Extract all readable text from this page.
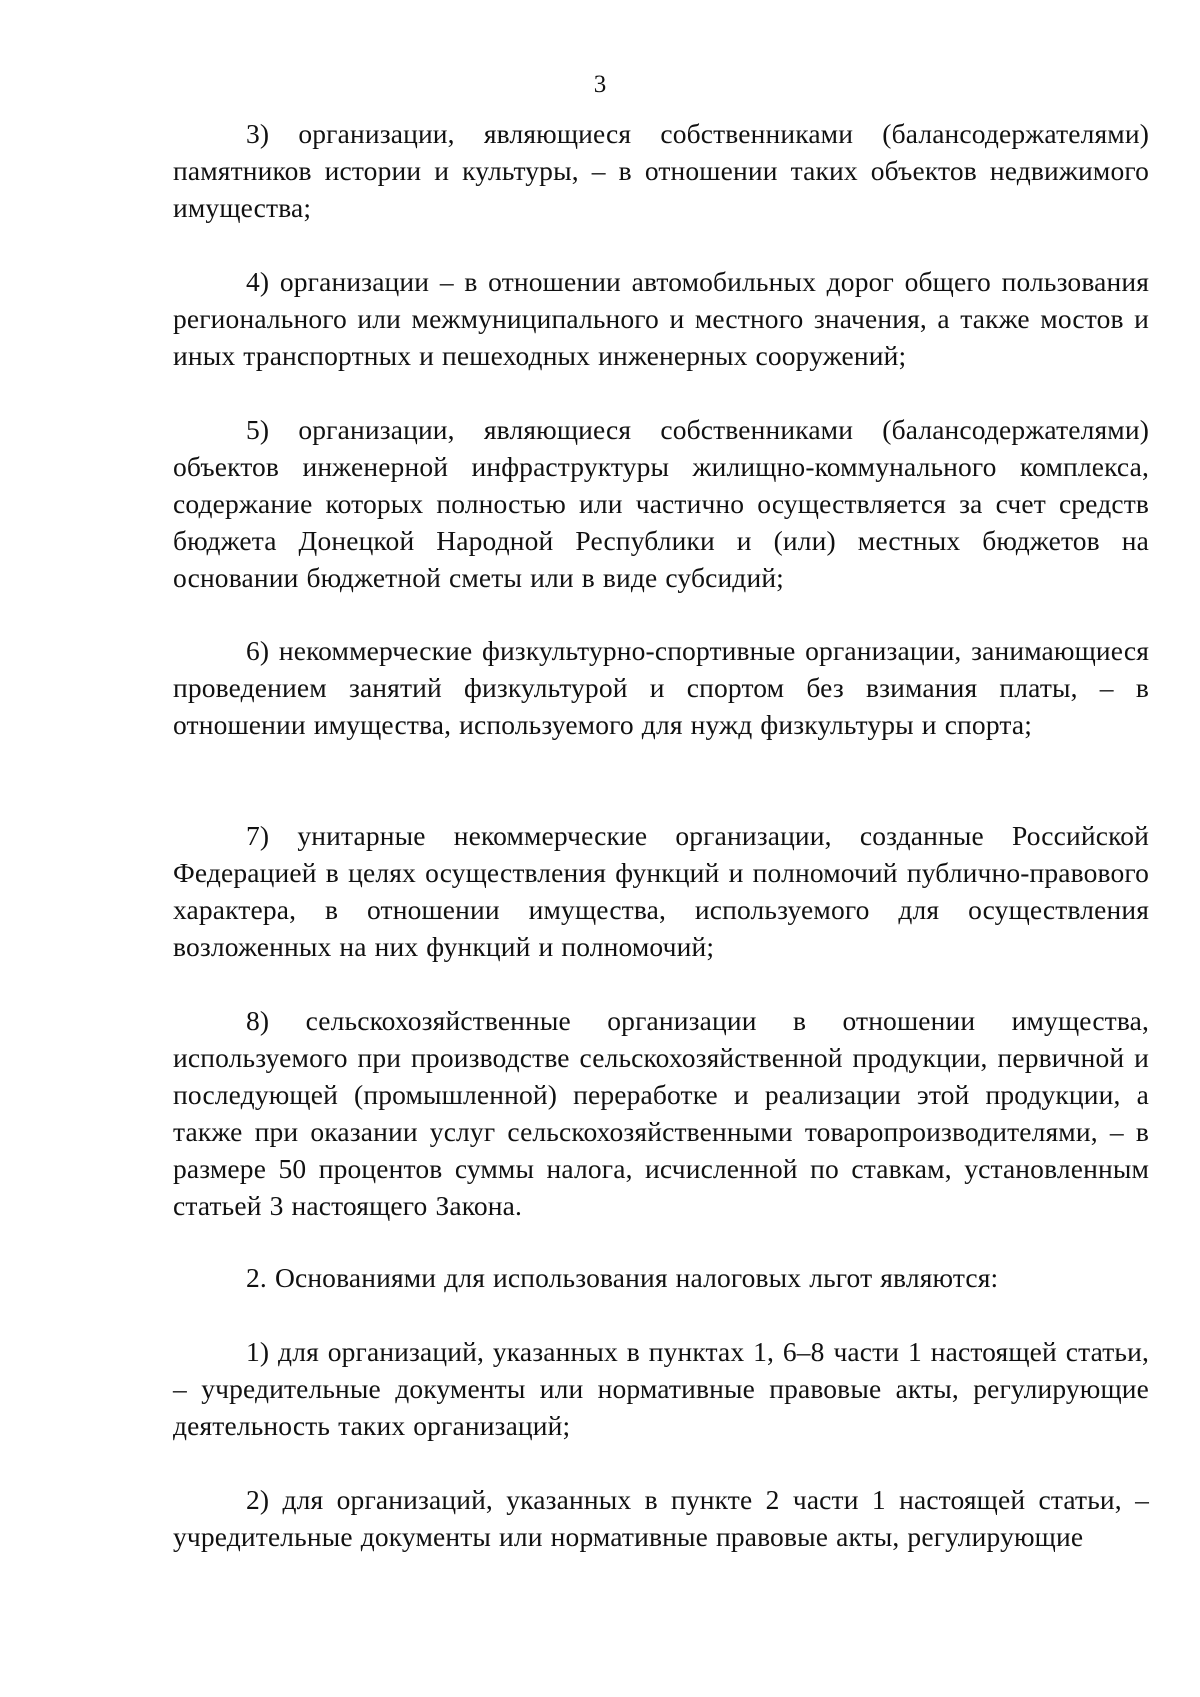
3

3) организации, являющиеся собственниками (балансодержателями) памятников истории и культуры, – в отношении таких объектов недвижимого имущества;

4) организации – в отношении автомобильных дорог общего пользования регионального или межмуниципального и местного значения, а также мостов и иных транспортных и пешеходных инженерных сооружений;

5) организации, являющиеся собственниками (балансодержателями) объектов инженерной инфраструктуры жилищно-коммунального комплекса, содержание которых полностью или частично осуществляется за счет средств бюджета Донецкой Народной Республики и (или) местных бюджетов на основании бюджетной сметы или в виде субсидий;

6) некоммерческие физкультурно-спортивные организации, занимающиеся проведением занятий физкультурой и спортом без взимания платы, – в отношении имущества, используемого для нужд физкультуры и спорта;

7) унитарные некоммерческие организации, созданные Российской Федерацией в целях осуществления функций и полномочий публично-правового характера, в отношении имущества, используемого для осуществления возложенных на них функций и полномочий;

8) сельскохозяйственные организации в отношении имущества, используемого при производстве сельскохозяйственной продукции, первичной и последующей (промышленной) переработке и реализации этой продукции, а также при оказании услуг сельскохозяйственными товаропроизводителями, – в размере 50 процентов суммы налога, исчисленной по ставкам, установленным статьей 3 настоящего Закона.

2. Основаниями для использования налоговых льгот являются:

1) для организаций, указанных в пунктах 1, 6–8 части 1 настоящей статьи, – учредительные документы или нормативные правовые акты, регулирующие деятельность таких организаций;

2) для организаций, указанных в пункте 2 части 1 настоящей статьи, – учредительные документы или нормативные правовые акты, регулирующие
